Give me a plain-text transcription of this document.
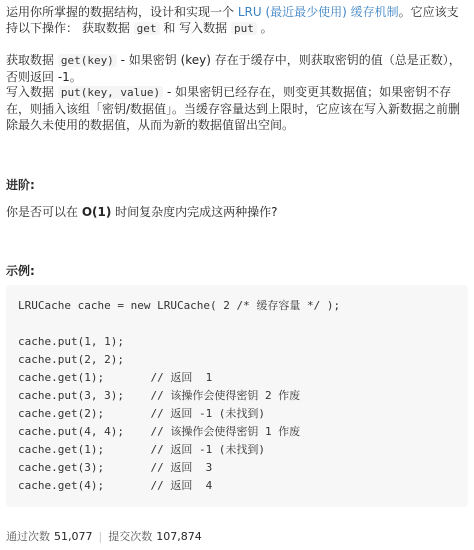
运用你所掌握的数据结构，设计和实现一个 LRU (最近最少使用) 缓存机制。它应该支持以下操作： 获取数据 get 和 写入数据 put 。

获取数据 get(key) - 如果密钥 (key) 存在于缓存中，则获取密钥的值（总是正数），否则返回 -1。

写入数据 put(key, value) - 如果密钥已经存在，则变更其数据值；如果密钥不存在，则插入该组「密钥/数据值」。当缓存容量达到上限时，它应该在写入新数据之前删除最久未使用的数据值，从而为新的数据值留出空间。

进阶:

你是否可以在 O(1) 时间复杂度内完成这两种操作?

示例:
LRUCache cache = new LRUCache( 2 /* 缓存容量 */ );
cache.put(1, 1);
cache.put(2, 2);
cache.get(1);       // 返回  1
cache.put(3, 3);    // 该操作会使得密钥 2 作废
cache.get(2);       // 返回 -1 (未找到)
cache.put(4, 4);    // 该操作会使得密钥 1 作废
cache.get(1);       // 返回 -1 (未找到)
cache.get(3);       // 返回  3
cache.get(4);       // 返回  4
通过次数 51,077 | 提交次数 107,874
